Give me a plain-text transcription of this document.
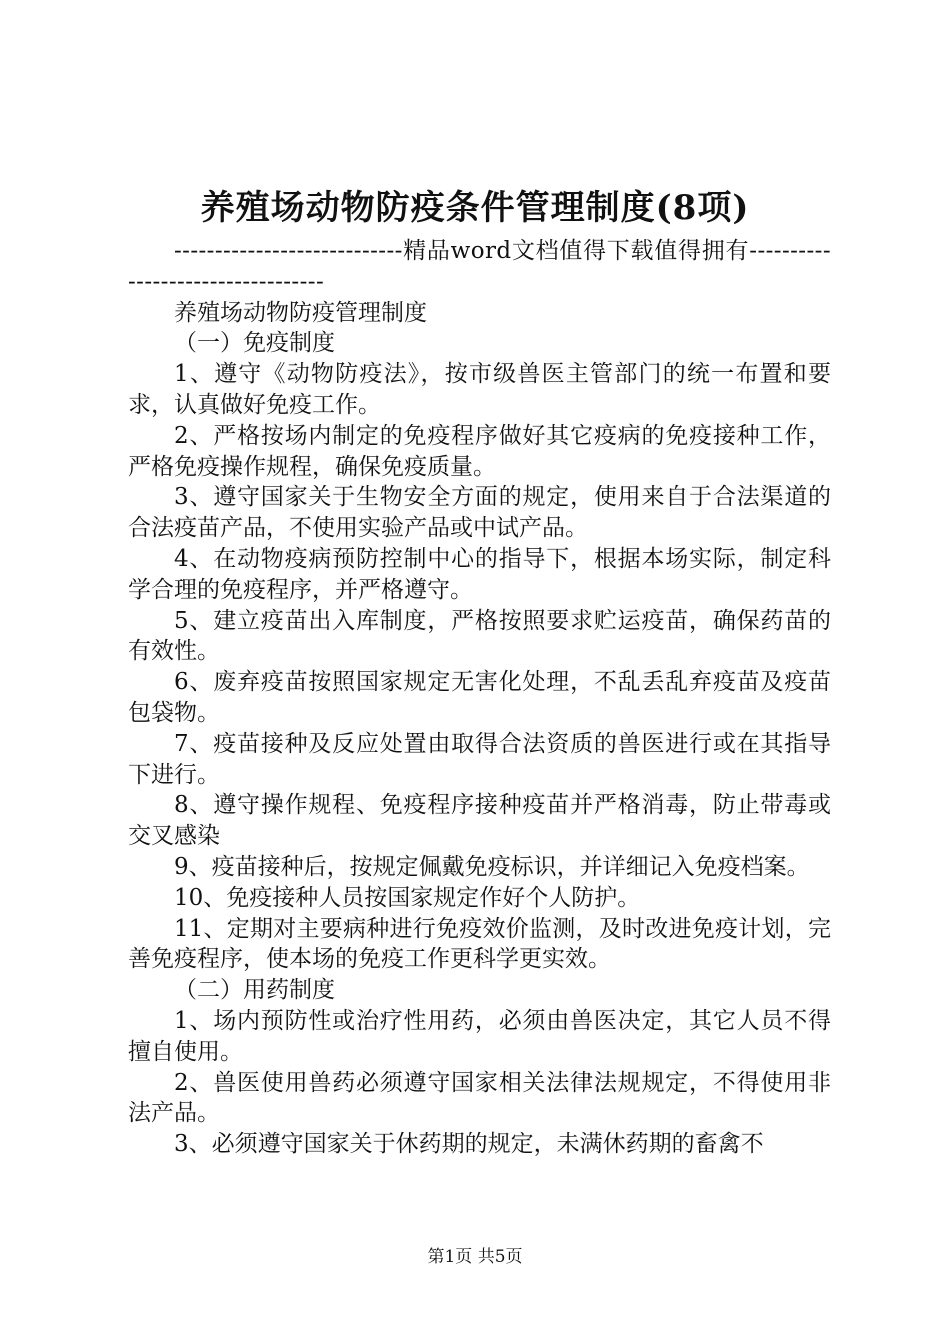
养殖场动物防疫条件管理制度(8项)

----------------------------精品word文档值得下载值得拥有----------------------------------

养殖场动物防疫管理制度

（一）免疫制度

1、遵守《动物防疫法》，按市级兽医主管部门的统一布置和要求，认真做好免疫工作。

2、严格按场内制定的免疫程序做好其它疫病的免疫接种工作，严格免疫操作规程，确保免疫质量。

3、遵守国家关于生物安全方面的规定，使用来自于合法渠道的合法疫苗产品，不使用实验产品或中试产品。

4、在动物疫病预防控制中心的指导下，根据本场实际，制定科学合理的免疫程序，并严格遵守。

5、建立疫苗出入库制度，严格按照要求贮运疫苗，确保药苗的有效性。

6、废弃疫苗按照国家规定无害化处理，不乱丢乱弃疫苗及疫苗包袋物。

7、疫苗接种及反应处置由取得合法资质的兽医进行或在其指导下进行。

8、遵守操作规程、免疫程序接种疫苗并严格消毒，防止带毒或交叉感染

9、疫苗接种后，按规定佩戴免疫标识，并详细记入免疫档案。

10、免疫接种人员按国家规定作好个人防护。

11、定期对主要病种进行免疫效价监测，及时改进免疫计划，完善免疫程序，使本场的免疫工作更科学更实效。

（二）用药制度

1、场内预防性或治疗性用药，必须由兽医决定，其它人员不得擅自使用。

2、兽医使用兽药必须遵守国家相关法律法规规定，不得使用非法产品。

3、必须遵守国家关于休药期的规定，未满休药期的畜禽不

第1页 共5页
